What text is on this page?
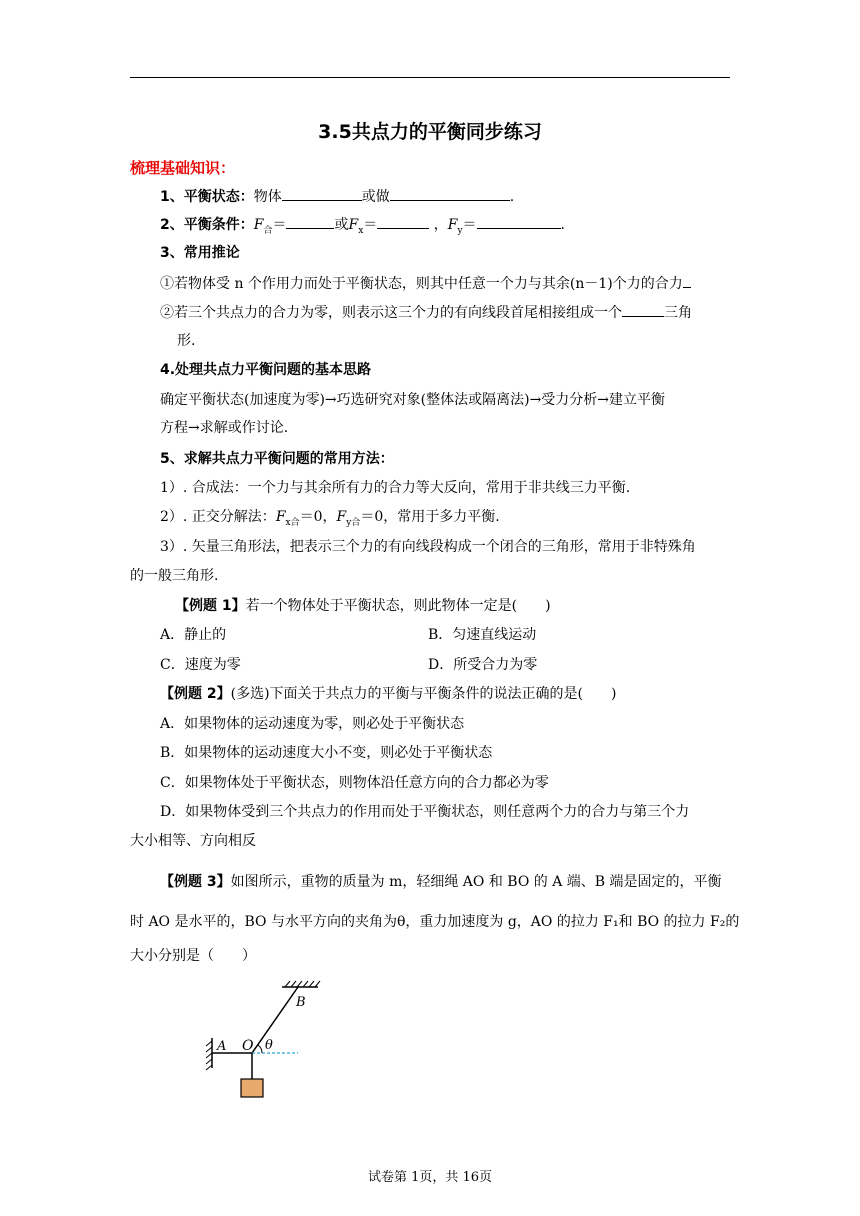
3.5共点力的平衡同步练习
梳理基础知识：
1、平衡状态：物体	或做	.
2、平衡条件：$F_合=$	或$F_x=$	，$F_y=$	.
3、常用推论
①若物体受 n 个作用力而处于平衡状态，则其中任意一个力与其余(n－1)个力的合力
②若三个共点力的合力为零，则表示这三个力的有向线段首尾相接组成一个	三角
形.
4.处理共点力平衡问题的基本思路
确定平衡状态(加速度为零)→巧选研究对象(整体法或隔离法)→受力分析→建立平衡
方程→求解或作讨论.
5、求解共点力平衡问题的常用方法：
1）. 合成法：一个力与其余所有力的合力等大反向，常用于非共线三力平衡.
2）. 正交分解法：$F_{x合}=0$，$F_{y合}=0$，常用于多力平衡.
3）. 矢量三角形法，把表示三个力的有向线段构成一个闭合的三角形，常用于非特殊角
的一般三角形.
【例题 1】若一个物体处于平衡状态，则此物体一定是(　　)
A．静止的	B．匀速直线运动
C．速度为零	D．所受合力为零
【例题 2】(多选)下面关于共点力的平衡与平衡条件的说法正确的是(　　)
A．如果物体的运动速度为零，则必处于平衡状态
B．如果物体的运动速度大小不变，则必处于平衡状态
C．如果物体处于平衡状态，则物体沿任意方向的合力都必为零
D．如果物体受到三个共点力的作用而处于平衡状态，则任意两个力的合力与第三个力
大小相等、方向相反
【例题 3】如图所示，重物的质量为 m，轻细绳 AO 和 BO 的 A 端、B 端是固定的，平衡
时 AO 是水平的，BO 与水平方向的夹角为θ，重力加速度为 g，AO 的拉力 F₁和 BO 的拉力 F₂的
大小分别是（　　）
A O
B
θ
试卷第 1页，共 16页
